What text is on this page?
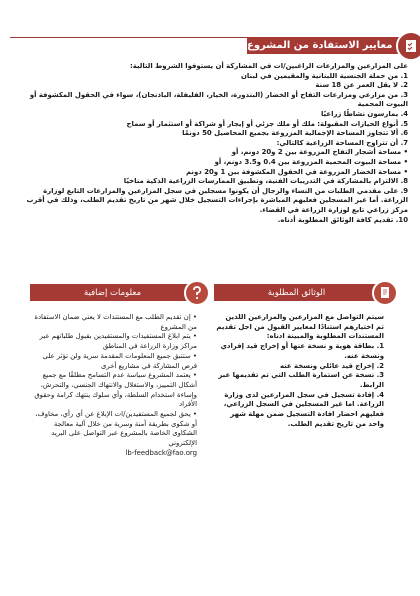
معايير الاستفادة من المشروع
على المزارعين والمزارعات الراغبين/ات في المشاركة أن يستوفوا الشروط التالية:
1. من حملة الجنسية اللبنانية والمقيمين في لبنان
2. لا يقل العمر عن 18 سنة
3. من مزارعي ومزارعات التفاح أو الخضار (البندورة، الخيار، الفليفلة، الباذنجان)، سواء في الحقول المكشوفة أو البيوت المحمية
4. يمارسون نشاطًا زراعيًا
5. أنواع الحيازات المقبولة: ملك أو ملك جزئي أو إيجار أو شراكة أو استثمار أو سماح
6. ألا تتجاوز المساحة الإجمالية المزروعة بجميع المحاصيل 50 دونمًا
7. أن تتراوح المساحة الزراعية كالتالي:
• مساحة أشجار التفاح المزروعة بين 2 و20 دونم، أو
• مساحة البيوت المحمية المزروعة بين 0.4 و3.5 دونم، أو
• مساحة الخضار المزروعة في الحقول المكشوفة بين 1 و20 دونم
8. الالتزام بالمشاركة في التدريبات الفنية، وتطبيق الممارسات الزراعية الذكية مناخيًا
9. على مقدمي الطلبات من النساء والرجال أن يكونوا مسجلين في سجل المزارعين والمزارعات التابع لوزارة الزراعة. أما غير المسجلين فعليهم المباشرة بإجراءات التسجيل خلال شهر من تاريخ تقديم الطلب، وذلك في أقرب مركز زراعي تابع لوزارة الزراعة في القضاء.
10. تقديم كافة الوثائق المطلوبة أدناه.
الوثائق المطلوبة
معلومات إضافية
سيتم التواصل مع المزارعين والمزارعين اللذين تم اختيارهم استنادًا لمعايير القبول من اجل تقديم المستندات المطلوبة والمبينة ادناه:
1. بطاقة هوية و نسخة عنها أو إخراج قيد إفرادي ونسخة عنه.
2. إخراج قيد عائلي ونسخة عنه
3. نسخة عن استمارة الطلب التي تم تقديمها عبر الرابط.
4. إفادة تسجيل في سجل المزارعين لدى وزارة الزراعة. اما غير المسجلين في السجل الزراعي، فعليهم احضار افادة التسجيل ضمن مهلة شهر واحد من تاريخ تقديم الطلب.
• إن تقديم الطلب مع المستندات لا يعني ضمان الاستفادة من المشروع
• يتم ابلاغ المستفيدات والمستفيدين بقبول طلباتهم عبر مراكز وزارة الزراعة في المناطق
• ستتبق جميع المعلومات المقدمة سرية ولن تؤثر على فرص المشاركة في مشاريع أخرى
• يعتمد المشروع سياسة عدم التسامح مطلقًا مع جميع أشكال التمييز، والاستغلال والانتهاك الجنسي، والتحرش، وإساءة استخدام السلطة، وأي سلوك ينتهك كرامة وحقوق الأفراد
• يحق لجميع المستفيدين/ات الإبلاغ عن أي رأي، مخاوف، أو شكوى بطريقة آمنة وسرية من خلال آلية معالجة الشكاوى الخاصة بالمشروع عبر التواصل على البريد الإلكتروني
lb-feedback@fao.org
